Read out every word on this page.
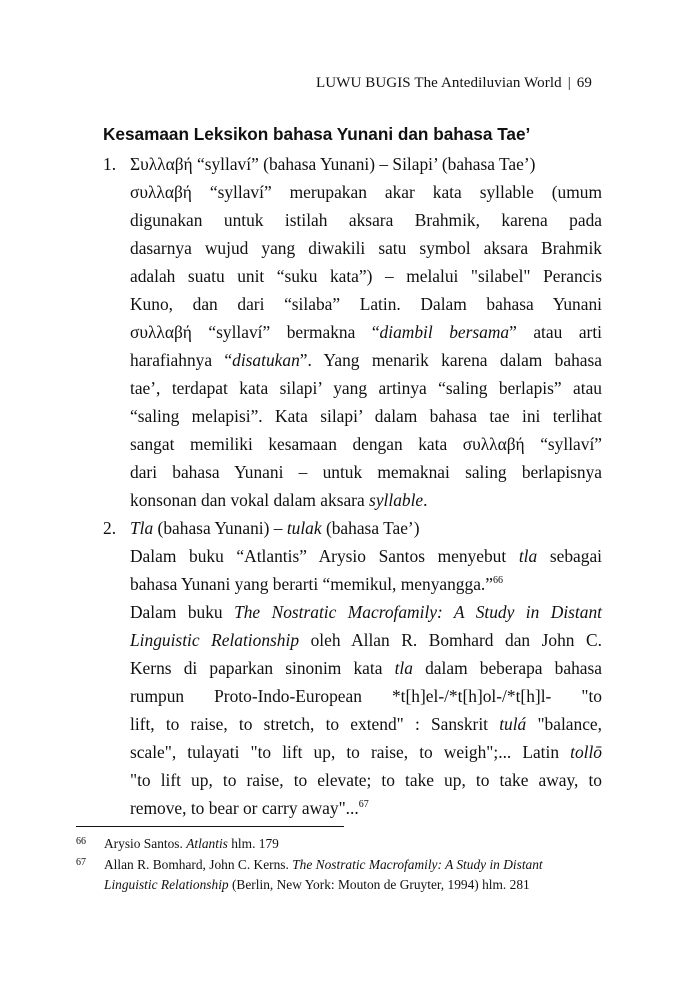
LUWU BUGIS The Antediluvian World | 69
Kesamaan Leksikon bahasa Yunani dan bahasa Tae’
1. Συλλαβή “syllaví” (bahasa Yunani) – Silapi’ (bahasa Tae’)
συλλαβή “syllaví” merupakan akar kata syllable (umum
digunakan untuk istilah aksara Brahmik, karena pada
dasarnya wujud yang diwakili satu symbol aksara Brahmik
adalah suatu unit “suku kata”) – melalui "silabel" Perancis
Kuno, dan dari “silaba” Latin. Dalam bahasa Yunani
συλλαβή “syllaví” bermakna “diambil bersama” atau arti
harafiahnya “disatukan”. Yang menarik karena dalam bahasa
tae’, terdapat kata silapi’ yang artinya “saling berlapis” atau
“saling melapisi”. Kata silapi’ dalam bahasa tae ini terlihat
sangat memiliki kesamaan dengan kata συλλαβή “syllaví”
dari bahasa Yunani – untuk memaknai saling berlapisnya
konsonan dan vokal dalam aksara syllable.
2. Tla (bahasa Yunani) – tulak (bahasa Tae’)
Dalam buku “Atlantis” Arysio Santos menyebut tla sebagai
bahasa Yunani yang berarti “memikul, menyangga.”$^{66}$
Dalam buku The Nostratic Macrofamily: A Study in Distant
Linguistic Relationship oleh Allan R. Bomhard dan John C.
Kerns di paparkan sinonim kata tla dalam beberapa bahasa
rumpun Proto-Indo-European *t[h]el-/*t[h]ol-/*t[h]l- "to
lift, to raise, to stretch, to extend" : Sanskrit tulá "balance,
scale", tulayati "to lift up, to raise, to weigh";... Latin tollō
"to lift up, to raise, to elevate; to take up, to take away, to
remove, to bear or carry away"...$^{67}$
66 Arysio Santos. Atlantis hlm. 179
67 Allan R. Bomhard, John C. Kerns. The Nostratic Macrofamily: A Study in Distant
Linguistic Relationship (Berlin, New York: Mouton de Gruyter, 1994) hlm. 281
